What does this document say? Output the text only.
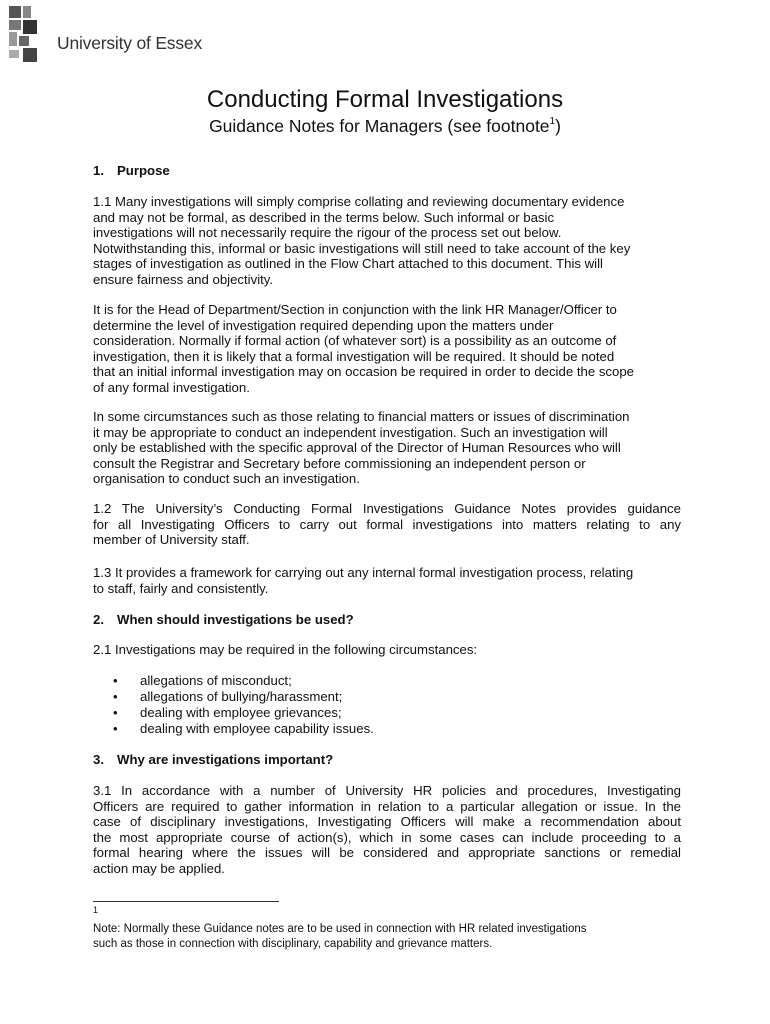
University of Essex
Conducting Formal Investigations
Guidance Notes for Managers (see footnote$^1$)
1. Purpose
1.1 Many investigations will simply comprise collating and reviewing documentary evidence
and may not be formal, as described in the terms below. Such informal or basic
investigations will not necessarily require the rigour of the process set out below.
Notwithstanding this, informal or basic investigations will still need to take account of the key
stages of investigation as outlined in the Flow Chart attached to this document. This will
ensure fairness and objectivity.
It is for the Head of Department/Section in conjunction with the link HR Manager/Officer to
determine the level of investigation required depending upon the matters under
consideration. Normally if formal action (of whatever sort) is a possibility as an outcome of
investigation, then it is likely that a formal investigation will be required. It should be noted
that an initial informal investigation may on occasion be required in order to decide the scope
of any formal investigation.
In some circumstances such as those relating to financial matters or issues of discrimination
it may be appropriate to conduct an independent investigation. Such an investigation will
only be established with the specific approval of the Director of Human Resources who will
consult the Registrar and Secretary before commissioning an independent person or
organisation to conduct such an investigation.
1.2 The University’s Conducting Formal Investigations Guidance Notes provides guidance
for all Investigating Officers to carry out formal investigations into matters relating to any
member of University staff.
1.3 It provides a framework for carrying out any internal formal investigation process, relating
to staff, fairly and consistently.
2. When should investigations be used?
2.1 Investigations may be required in the following circumstances:
•	allegations of misconduct;
•	allegations of bullying/harassment;
•	dealing with employee grievances;
•	dealing with employee capability issues.
3. Why are investigations important?
3.1 In accordance with a number of University HR policies and procedures, Investigating
Officers are required to gather information in relation to a particular allegation or issue. In the
case of disciplinary investigations, Investigating Officers will make a recommendation about
the most appropriate course of action(s), which in some cases can include proceeding to a
formal hearing where the issues will be considered and appropriate sanctions or remedial
action may be applied.
1
Note: Normally these Guidance notes are to be used in connection with HR related investigations
such as those in connection with disciplinary, capability and grievance matters.
